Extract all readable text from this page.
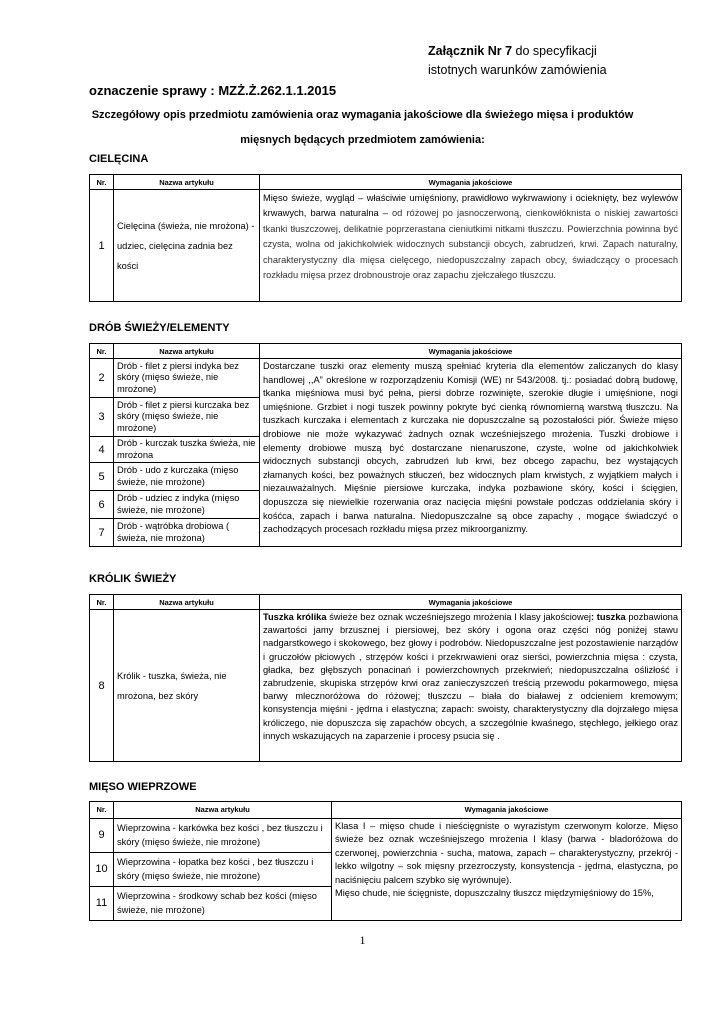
Załącznik Nr 7 do specyfikacji
istotnych warunków zamówienia
oznaczenie sprawy : MZŻ.Ż.262.1.1.2015
Szczegółowy opis przedmiotu zamówienia oraz wymagania jakościowe dla świeżego mięsa i produktów
mięsnych będących przedmiotem zamówienia:
CIELĘCINA
Nr.	Nazwa artykułu	Wymagania jakościowe
1	Cielęcina (świeża, nie mrożona) - udziec, cielęcina zadnia bez kości	Mięso świeże, wygląd – właściwie umięśniony, prawidłowo wykrwawiony i ocieknięty, bez wylewów krwawych, barwa naturalna – od różowej po jasnoczerwoną, cienkowłóknista o niskiej zawartości tkanki tłuszczowej, delikatnie poprzerastana cieniutkimi nitkami tłuszczu. Powierzchnia powinna być czysta, wolna od jakichkolwiek widocznych substancji obcych, zabrudzeń, krwi. Zapach naturalny, charakterystyczny dla mięsa cielęcego, niedopuszczalny zapach obcy, świadczący o procesach rozkładu mięsa przez drobnoustroje oraz zapachu zjełczałego tłuszczu.
DRÓB ŚWIEŻY/ELEMENTY
Nr.	Nazwa artykułu	Wymagania jakościowe
2	Drób - filet z piersi indyka bez skóry (mięso świeże, nie mrożone)	Dostarczane tuszki oraz elementy muszą spełniać kryteria dla elementów zaliczanych do klasy handlowej ,,A” określone w rozporządzeniu Komisji (WE) nr 543/2008. tj.: posiadać dobrą budowę, tkanka mięśniowa musi być pełna, piersi dobrze rozwinięte, szerokie długie i umięśnione, nogi umięśnione. Grzbiet i nogi tuszek powinny pokryte być cienką równomierną warstwą tłuszczu. Na tuszkach kurczaka i elementach z kurczaka nie dopuszczalne są pozostałości piór. Świeże mięso drobiowe nie może wykazywać żadnych oznak wcześniejszego mrożenia. Tuszki drobiowe i elementy drobiowe muszą być dostarczane nienaruszone, czyste, wolne od jakichkolwiek widocznych substancji obcych, zabrudzeń lub krwi, bez obcego zapachu, bez wystających złamanych kości, bez poważnych stłuczeń, bez widocznych plam krwistych, z wyjątkiem małych i niezauważalnych. Mięśnie piersiowe kurczaka, indyka pozbawione skóry, kości i ścięgien, dopuszcza się niewielkie rozerwania oraz nacięcia mięśni powstałe podczas oddzielania skóry i kośćca, zapach i barwa naturalna. Niedopuszczalne są obce zapachy , mogące świadczyć o zachodzących procesach rozkładu mięsa przez mikroorganizmy.
3	Drób - filet z piersi kurczaka bez skóry (mięso świeże, nie mrożone)	
4	Drób - kurczak tuszka świeża, nie mrożona	
5	Drób - udo z kurczaka (mięso świeże, nie mrożone)	
6	Drób - udziec z indyka (mięso świeże, nie mrożone)	
7	Drób - wątróbka drobiowa ( świeża, nie mrożona)	
KRÓLIK ŚWIEŻY
Nr.	Nazwa artykułu	Wymagania jakościowe
8	Królik - tuszka, świeża, nie mrożona, bez skóry	Tuszka królika świeże bez oznak wcześniejszego mrożenia I klasy jakościowej: tuszka pozbawiona zawartości jamy brzusznej i piersiowej, bez skóry i ogona oraz części nóg poniżej stawu nadgarstkowego i skokowego, bez głowy i podrobów. Niedopuszczalne jest pozostawienie narządów i gruczołów płciowych , strzępów kości i przekrwawieni oraz sierści, powierzchnia mięsa : czysta, gładka, bez głębszych ponacinań i powierzchownych przekrwień; niedopuszczalna oślizłość i zabrudzenie, skupiska strzępów krwi oraz zanieczyszczeń treścią przewodu pokarmowego, mięsa barwy mlecznoróżowa do różowej; tłuszczu – biała do białawej z odcieniem kremowym; konsystencja mięśni - jędrna i elastyczna; zapach: swoisty, charakterystyczny dla dojrzałego mięsa króliczego, nie dopuszcza się zapachów obcych, a szczególnie kwaśnego, stęchłego, jełkiego oraz innych wskazujących na zaparzenie i procesy psucia się .
MIĘSO WIEPRZOWE
Nr.	Nazwa artykułu	Wymagania jakościowe
9	Wieprzowina - karkówka bez kości , bez tłuszczu i skóry (mięso świeże, nie mrożone)	Klasa I – mięso chude i nieścięgniste o wyrazistym czerwonym kolorze. Mięso świeże bez oznak wcześniejszego mrożenia I klasy (barwa - bladoróżowa do czerwonej, powierzchnia - sucha, matowa, zapach – charakterystyczny, przekrój - lekko wilgotny – sok mięsny przezroczysty, konsystencja - jędrna, elastyczna, po naciśnięciu palcem szybko się wyrównuje).
Mięso chude, nie ścięgniste, dopuszczalny tłuszcz międzymięśniowy do 15%,

10	Wieprzowina - łopatka bez kości , bez tłuszczu i skóry (mięso świeże, nie mrożone)	
11	Wieprzowina - środkowy schab bez kości (mięso świeże, nie mrożone)	
1
